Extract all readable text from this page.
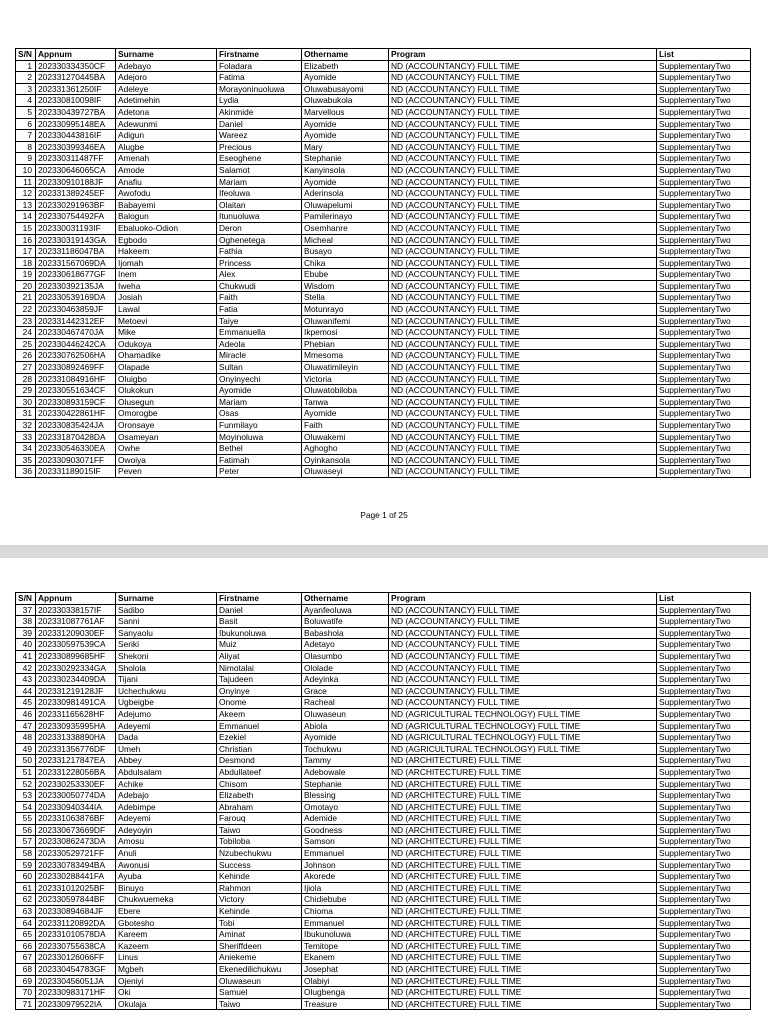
S/N	Appnum	Surname	Firstname	Othername	Program	List
1	202330334350CF	Adebayo	Foladara	Elizabeth	ND (ACCOUNTANCY) FULL TIME	SupplementaryTwo
2	202331270445BA	Adejoro	Fatima	Ayomide	ND (ACCOUNTANCY) FULL TIME	SupplementaryTwo
3	202331361250IF	Adeleye	Morayoninuoluwa	Oluwabusayomi	ND (ACCOUNTANCY) FULL TIME	SupplementaryTwo
4	202330810098IF	Adetimehin	Lydia	Oluwabukola	ND (ACCOUNTANCY) FULL TIME	SupplementaryTwo
5	202330439727BA	Adetona	Akinmide	Marvellous	ND (ACCOUNTANCY) FULL TIME	SupplementaryTwo
6	202330995148EA	Adewunmi	Daniel	Ayomide	ND (ACCOUNTANCY) FULL TIME	SupplementaryTwo
7	202330443816IF	Adigun	Wareez	Ayomide	ND (ACCOUNTANCY) FULL TIME	SupplementaryTwo
8	202330399346EA	Alugbe	Precious	Mary	ND (ACCOUNTANCY) FULL TIME	SupplementaryTwo
9	202330311487FF	Amenah	Eseoghene	Stephanie	ND (ACCOUNTANCY) FULL TIME	SupplementaryTwo
10	202330646065CA	Amode	Salamot	Kanyinsola	ND (ACCOUNTANCY) FULL TIME	SupplementaryTwo
11	202330910188JF	Anafiu	Mariam	Ayomide	ND (ACCOUNTANCY) FULL TIME	SupplementaryTwo
12	202331389245EF	Awofodu	Ifeoluwa	Aderinsola	ND (ACCOUNTANCY) FULL TIME	SupplementaryTwo
13	202330291963BF	Babayemi	Olaitan	Oluwapelumi	ND (ACCOUNTANCY) FULL TIME	SupplementaryTwo
14	202330754492FA	Balogun	Itunuoluwa	Pamilerinayo	ND (ACCOUNTANCY) FULL TIME	SupplementaryTwo
15	202330031193IF	Ebaluoko-Odion	Deron	Osemhanre	ND (ACCOUNTANCY) FULL TIME	SupplementaryTwo
16	202330319143GA	Egbodo	Oghenetega	Micheal	ND (ACCOUNTANCY) FULL TIME	SupplementaryTwo
17	202331186047BA	Hakeem	Fathia	Busayo	ND (ACCOUNTANCY) FULL TIME	SupplementaryTwo
18	202331567069DA	Ijomah	Princess	Chika	ND (ACCOUNTANCY) FULL TIME	SupplementaryTwo
19	202330618677GF	Inem	Alex	Ebube	ND (ACCOUNTANCY) FULL TIME	SupplementaryTwo
20	202330392135JA	Iweha	Chukwudi	Wisdom	ND (ACCOUNTANCY) FULL TIME	SupplementaryTwo
21	202330539169DA	Josiah	Faith	Stella	ND (ACCOUNTANCY) FULL TIME	SupplementaryTwo
22	202330463859JF	Lawal	Fatia	Motunrayo	ND (ACCOUNTANCY) FULL TIME	SupplementaryTwo
23	202331442312EF	Metoevi	Taiye	Oluwanifemi	ND (ACCOUNTANCY) FULL TIME	SupplementaryTwo
24	202330467470JA	Mike	Emmanuella	Ikpemosi	ND (ACCOUNTANCY) FULL TIME	SupplementaryTwo
25	202330446242CA	Odukoya	Adeola	Phebian	ND (ACCOUNTANCY) FULL TIME	SupplementaryTwo
26	202330762506HA	Ohamadike	Miracle	Mmesoma	ND (ACCOUNTANCY) FULL TIME	SupplementaryTwo
27	202330892469FF	Olapade	Sultan	Oluwatimileyin	ND (ACCOUNTANCY) FULL TIME	SupplementaryTwo
28	202331084916HF	Oluigbo	Onyinyechi	Victoria	ND (ACCOUNTANCY) FULL TIME	SupplementaryTwo
29	202330551634CF	Olukokun	Ayomide	Oluwatobiloba	ND (ACCOUNTANCY) FULL TIME	SupplementaryTwo
30	202330893159CF	Olusegun	Mariam	Tanwa	ND (ACCOUNTANCY) FULL TIME	SupplementaryTwo
31	202330422861HF	Omorogbe	Osas	Ayomide	ND (ACCOUNTANCY) FULL TIME	SupplementaryTwo
32	202330835424JA	Oronsaye	Funmilayo	Faith	ND (ACCOUNTANCY) FULL TIME	SupplementaryTwo
33	202331870428DA	Osameyan	Moyinoluwa	Oluwakemi	ND (ACCOUNTANCY) FULL TIME	SupplementaryTwo
34	202330546330EA	Owhe	Bethel	Aghogho	ND (ACCOUNTANCY) FULL TIME	SupplementaryTwo
35	202330903071FF	Owoiya	Fatimah	Oyinkansola	ND (ACCOUNTANCY) FULL TIME	SupplementaryTwo
36	202331189015IF	Peven	Peter	Oluwaseyi	ND (ACCOUNTANCY) FULL TIME	SupplementaryTwo
Page 1 of 25
S/N	Appnum	Surname	Firstname	Othername	Program	List
37	202330338157IF	Sadibo	Daniel	Ayanfeoluwa	ND (ACCOUNTANCY) FULL TIME	SupplementaryTwo
38	202331087761AF	Sanni	Basit	Boluwatife	ND (ACCOUNTANCY) FULL TIME	SupplementaryTwo
39	202331209030EF	Sanyaolu	Ibukunoluwa	Babashola	ND (ACCOUNTANCY) FULL TIME	SupplementaryTwo
40	202330597539CA	Seriki	Muiz	Adetayo	ND (ACCOUNTANCY) FULL TIME	SupplementaryTwo
41	202330899685HF	Shekoni	Aliyat	Olasumbo	ND (ACCOUNTANCY) FULL TIME	SupplementaryTwo
42	202330292334GA	Sholola	Nimotalai	Ololade	ND (ACCOUNTANCY) FULL TIME	SupplementaryTwo
43	202330234409DA	Tijani	Tajudeen	Adeyinka	ND (ACCOUNTANCY) FULL TIME	SupplementaryTwo
44	202331219128JF	Uchechukwu	Onyinye	Grace	ND (ACCOUNTANCY) FULL TIME	SupplementaryTwo
45	202330981491CA	Ugbeigbe	Onome	Racheal	ND (ACCOUNTANCY) FULL TIME	SupplementaryTwo
46	202331165628HF	Adejumo	Akeem	Oluwaseun	ND (AGRICULTURAL TECHNOLOGY) FULL TIME	SupplementaryTwo
47	202330935995HA	Adeyemi	Emmanuel	Abiola	ND (AGRICULTURAL TECHNOLOGY) FULL TIME	SupplementaryTwo
48	202331338890HA	Dada	Ezekiel	Ayomide	ND (AGRICULTURAL TECHNOLOGY) FULL TIME	SupplementaryTwo
49	202331356776DF	Umeh	Christian	Tochukwu	ND (AGRICULTURAL TECHNOLOGY) FULL TIME	SupplementaryTwo
50	202331217847EA	Abbey	Desmond	Tammy	ND (ARCHITECTURE) FULL TIME	SupplementaryTwo
51	202331228056BA	Abdulsalam	Abdullateef	Adebowale	ND (ARCHITECTURE) FULL TIME	SupplementaryTwo
52	202330253330EF	Achike	Chisom	Stephanie	ND (ARCHITECTURE) FULL TIME	SupplementaryTwo
53	202330050774DA	Adebajo	Elizabeth	Blessing	ND (ARCHITECTURE) FULL TIME	SupplementaryTwo
54	202330940344IA	Adebimpe	Abraham	Omotayo	ND (ARCHITECTURE) FULL TIME	SupplementaryTwo
55	202331063876BF	Adeyemi	Farouq	Ademide	ND (ARCHITECTURE) FULL TIME	SupplementaryTwo
56	202330673669DF	Adeyoyin	Taiwo	Goodness	ND (ARCHITECTURE) FULL TIME	SupplementaryTwo
57	202330862473DA	Amosu	Tobiloba	Samson	ND (ARCHITECTURE) FULL TIME	SupplementaryTwo
58	202330529721FF	Anuli	Nzubechukwu	Emmanuel	ND (ARCHITECTURE) FULL TIME	SupplementaryTwo
59	202330783494BA	Awonusi	Success	Johnson	ND (ARCHITECTURE) FULL TIME	SupplementaryTwo
60	202330288441FA	Ayuba	Kehinde	Akorede	ND (ARCHITECTURE) FULL TIME	SupplementaryTwo
61	202331012025BF	Binuyo	Rahmon	Ijiola	ND (ARCHITECTURE) FULL TIME	SupplementaryTwo
62	202330597844BF	Chukwuemeka	Victory	Chidiebube	ND (ARCHITECTURE) FULL TIME	SupplementaryTwo
63	202330894684JF	Ebere	Kehinde	Chioma	ND (ARCHITECTURE) FULL TIME	SupplementaryTwo
64	202331120892DA	Gbotesho	Tobi	Emmanuel	ND (ARCHITECTURE) FULL TIME	SupplementaryTwo
65	202331010578DA	Kareem	Aminat	Ibukunoluwa	ND (ARCHITECTURE) FULL TIME	SupplementaryTwo
66	202330755638CA	Kazeem	Sheriffdeen	Temitope	ND (ARCHITECTURE) FULL TIME	SupplementaryTwo
67	202330126066FF	Linus	Aniekeme	Ekanem	ND (ARCHITECTURE) FULL TIME	SupplementaryTwo
68	202330454783GF	Mgbeh	Ekenedilichukwu	Josephat	ND (ARCHITECTURE) FULL TIME	SupplementaryTwo
69	202330456051JA	Ojeniyi	Oluwaseun	Olabiyi	ND (ARCHITECTURE) FULL TIME	SupplementaryTwo
70	202330983171HF	Oki	Samuel	Olugbenga	ND (ARCHITECTURE) FULL TIME	SupplementaryTwo
71	202330979522IA	Okulaja	Taiwo	Treasure	ND (ARCHITECTURE) FULL TIME	SupplementaryTwo
